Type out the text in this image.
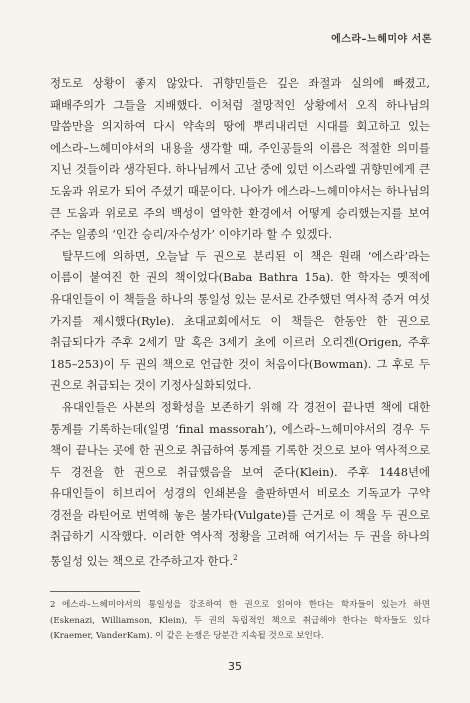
에스라–느헤미야 서론

정도로 상황이 좋지 않았다. 귀향민들은 깊은 좌절과 실의에 빠졌고, 패배주의가 그들을 지배했다. 이처럼 절망적인 상황에서 오직 하나님의 말씀만을 의지하여 다시 약속의 땅에 뿌리내리던 시대를 회고하고 있는 에스라–느헤미야서의 내용을 생각할 때, 주인공들의 이름은 적절한 의미를 지닌 것들이라 생각된다. 하나님께서 고난 중에 있던 이스라엘 귀향민에게 큰 도움과 위로가 되어 주셨기 때문이다. 나아가 에스라–느헤미야서는 하나님의 큰 도움과 위로로 주의 백성이 열악한 환경에서 어떻게 승리했는지를 보여 주는 일종의 ‘인간 승리/자수성가’ 이야기라 할 수 있겠다.

탈무드에 의하면, 오늘날 두 권으로 분리된 이 책은 원래 ‘에스라’라는 이름이 붙여진 한 권의 책이었다(Baba Bathra 15a). 한 학자는 옛적에 유대인들이 이 책들을 하나의 통일성 있는 문서로 간주했던 역사적 증거 여섯 가지를 제시했다(Ryle). 초대교회에서도 이 책들은 한동안 한 권으로 취급되다가 주후 2세기 말 혹은 3세기 초에 이르러 오리겐(Origen, 주후 185–253)이 두 권의 책으로 언급한 것이 처음이다(Bowman). 그 후로 두 권으로 취급되는 것이 기정사실화되었다.

유대인들은 사본의 정확성을 보존하기 위해 각 경전이 끝나면 책에 대한 통계를 기록하는데(일명 ‘final massorah’), 에스라–느헤미야서의 경우 두 책이 끝나는 곳에 한 권으로 취급하여 통계를 기록한 것으로 보아 역사적으로 두 경전을 한 권으로 취급했음을 보여 준다(Klein). 주후 1448년에 유대인들이 히브리어 성경의 인쇄본을 출판하면서 비로소 기독교가 구약 경전을 라틴어로 번역해 놓은 불가타(Vulgate)를 근거로 이 책을 두 권으로 취급하기 시작했다. 이러한 역사적 정황을 고려해 여기서는 두 권을 하나의 통일성 있는 책으로 간주하고자 한다.$^2$

2 에스라–느헤미야서의 통일성을 강조하여 한 권으로 읽어야 한다는 학자들이 있는가 하면(Eskenazi, Williamson, Klein), 두 권의 독립적인 책으로 취급해야 한다는 학자들도 있다(Kraemer, VanderKam). 이 같은 논쟁은 당분간 지속될 것으로 보인다.
35
